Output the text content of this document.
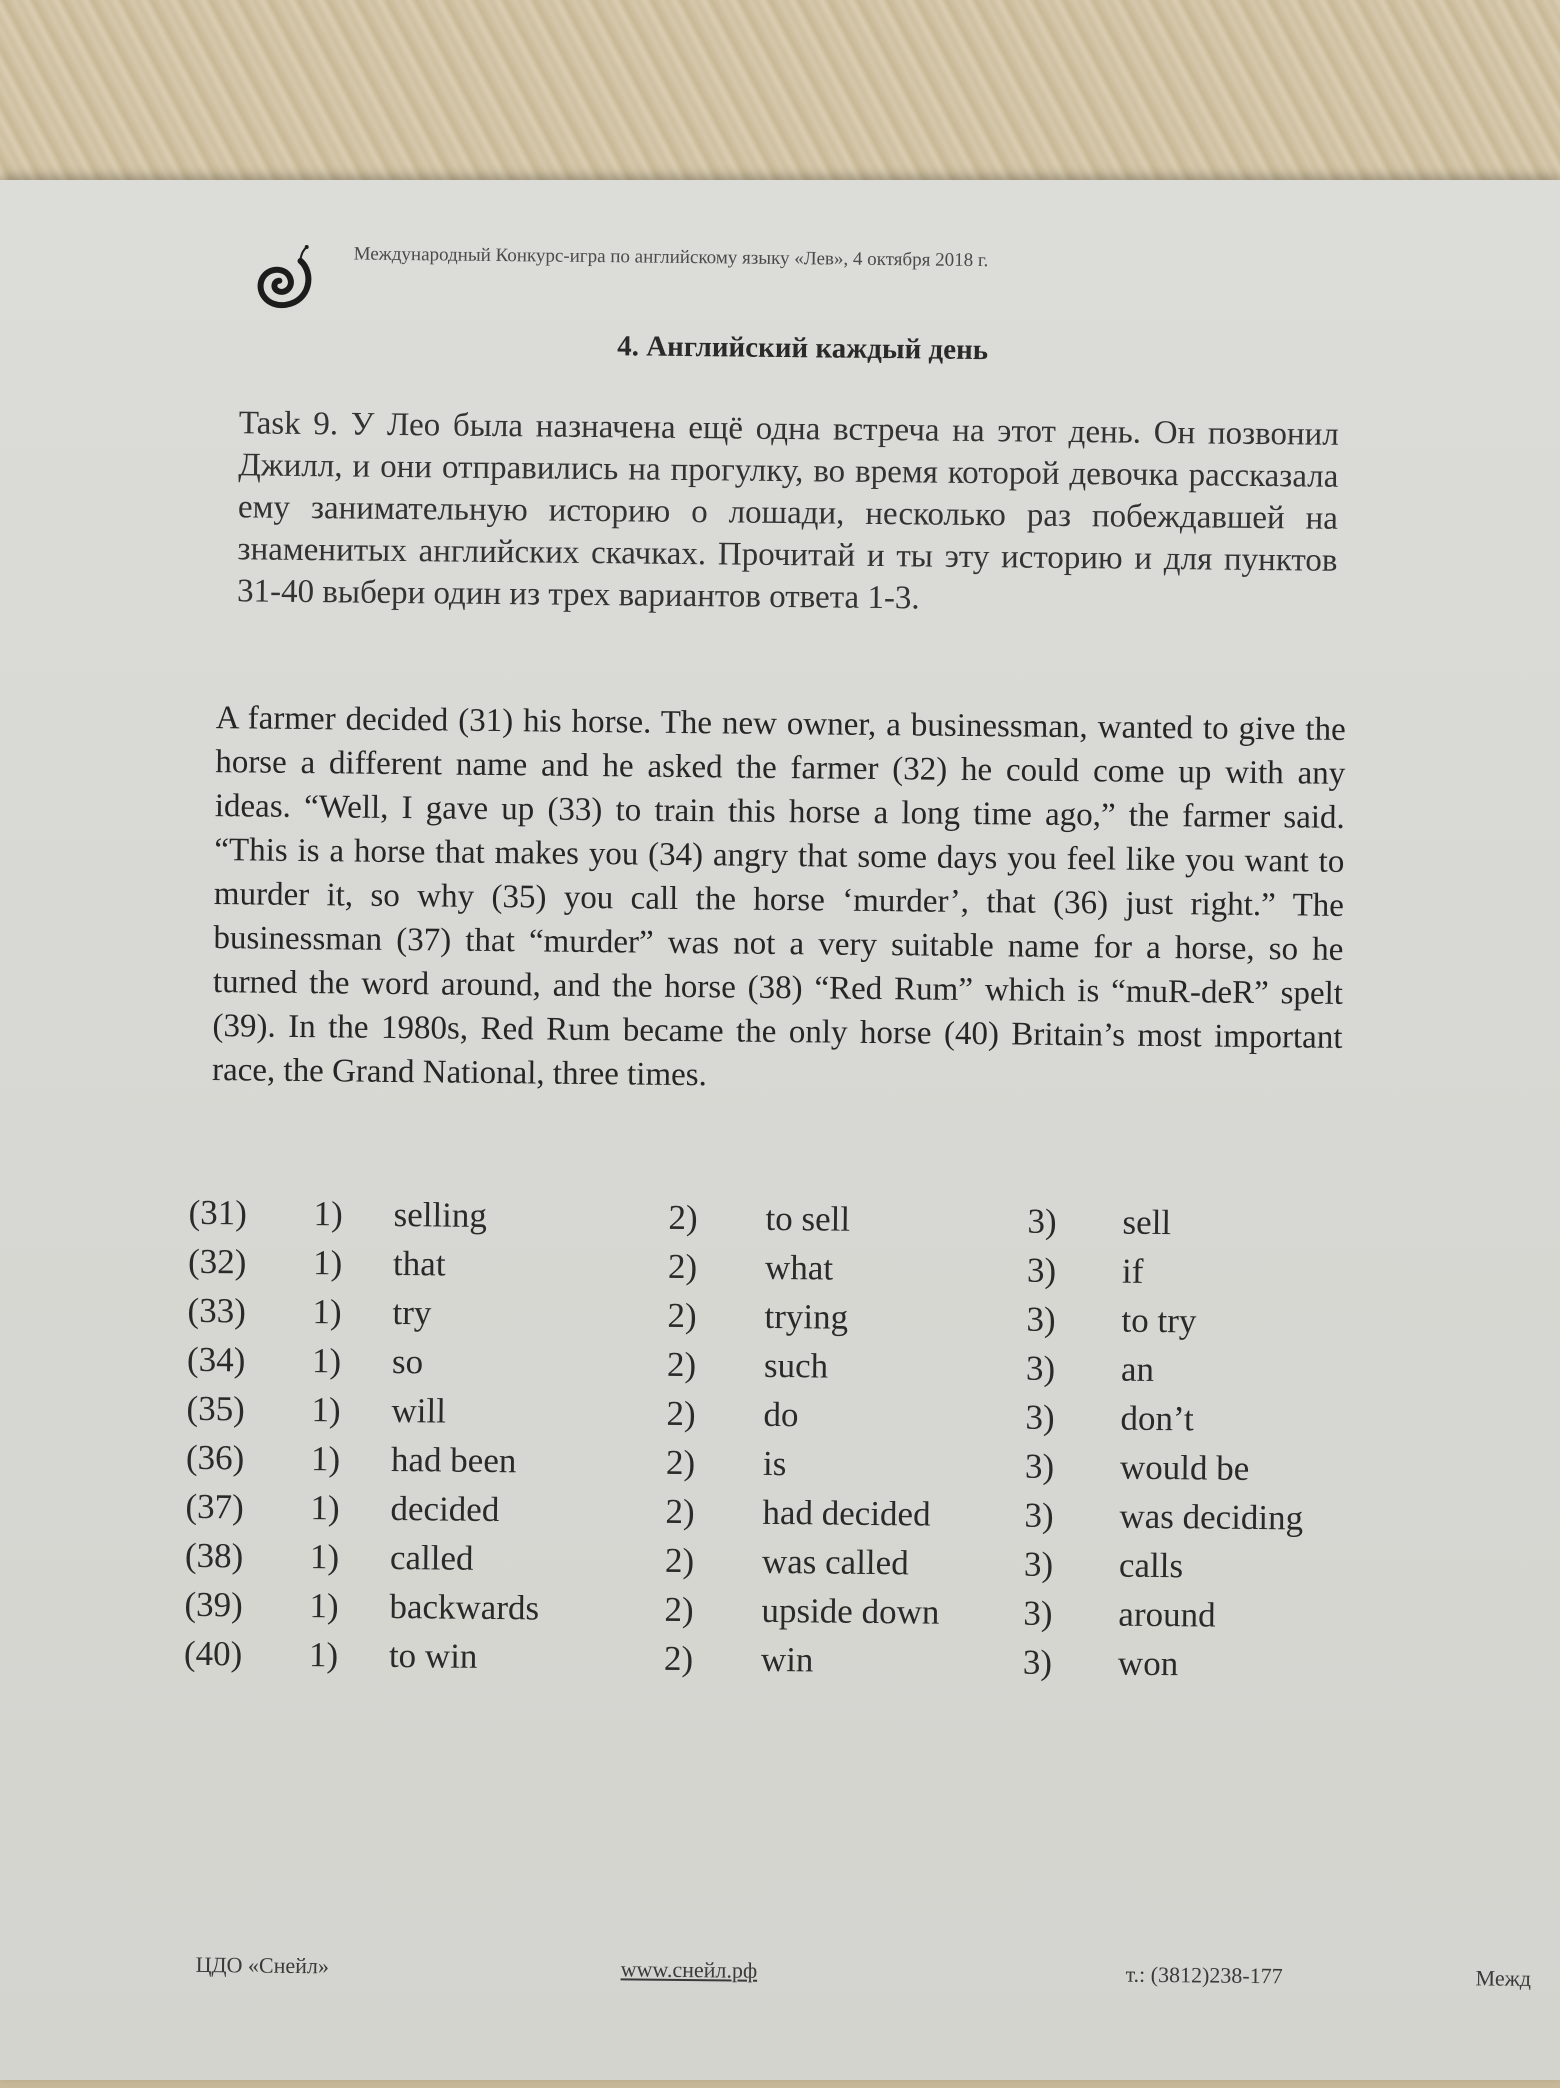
Международный Конкурс-игра по английскому языку «Лев», 4 октября 2018 г.
4. Английский каждый день
Task 9. У Лео была назначена ещё одна встреча на этот день. Он позвонил Джилл, и они отправились на прогулку, во время которой девочка рассказала ему занимательную историю о лошади, несколько раз побеждавшей на знаменитых английских скачках. Прочитай и ты эту историю и для пунктов 31-40 выбери один из трех вариантов ответа 1-3.
A farmer decided (31) his horse. The new owner, a businessman, wanted to give the horse a different name and he asked the farmer (32) he could come up with any ideas. “Well, I gave up (33) to train this horse a long time ago,” the farmer said. “This is a horse that makes you (34) angry that some days you feel like you want to murder it, so why (35) you call the horse ‘murder’, that (36) just right.” The businessman (37) that “murder” was not a very suitable name for a horse, so he turned the word around, and the horse (38) “Red Rum” which is “muR-deR” spelt (39). In the 1980s, Red Rum became the only horse (40) Britain’s most important race, the Grand National, three times.
(31)	1)	selling	2)	to sell	3)	sell
(32)	1)	that	2)	what	3)	if
(33)	1)	try	2)	trying	3)	to try
(34)	1)	so	2)	such	3)	an
(35)	1)	will	2)	do	3)	don’t
(36)	1)	had been	2)	is	3)	would be
(37)	1)	decided	2)	had decided	3)	was deciding
(38)	1)	called	2)	was called	3)	calls
(39)	1)	backwards	2)	upside down	3)	around
(40)	1)	to win	2)	win	3)	won
ЦДО «Снейл»	www.снейл.рф	т.: (3812)238-177	Межд
